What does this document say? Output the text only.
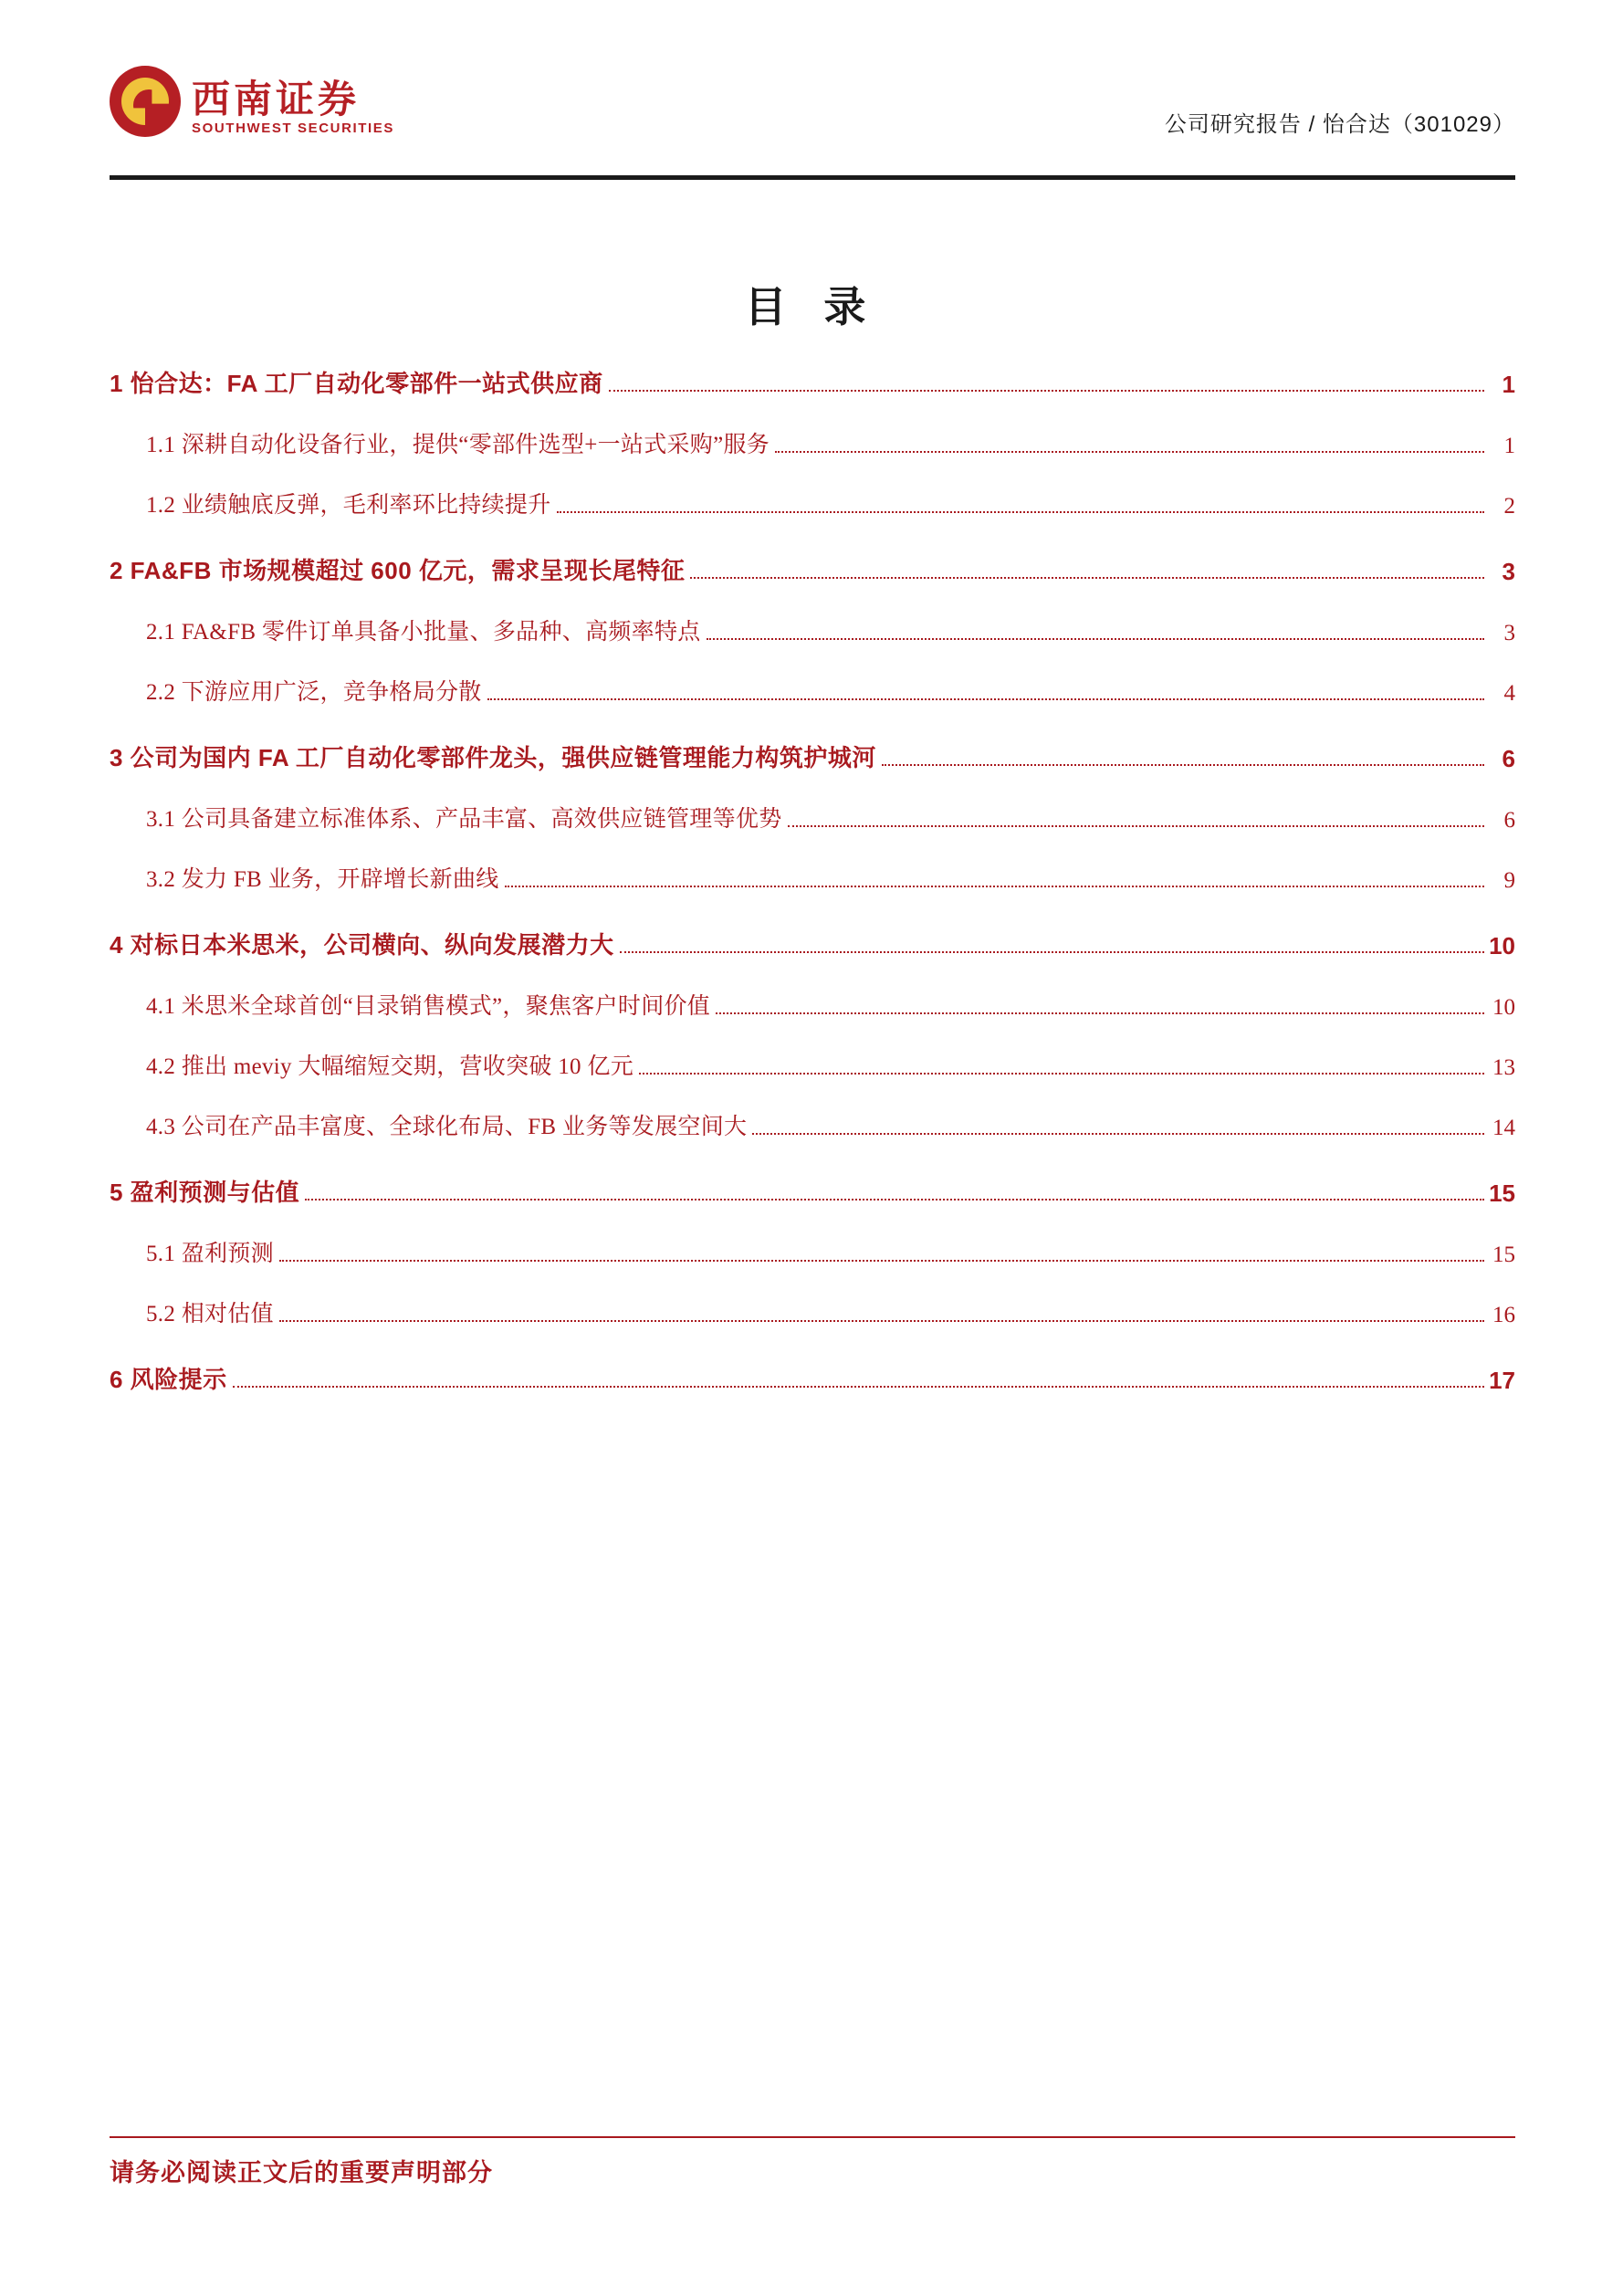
西南证券
SOUTHWEST SECURITIES	公司研究报告 / 怡合达（301029）
目 录
1 怡合达：FA 工厂自动化零部件一站式供应商	1
1.1 深耕自动化设备行业，提供“零部件选型+一站式采购”服务	1
1.2 业绩触底反弹，毛利率环比持续提升	2
2 FA&FB 市场规模超过 600 亿元，需求呈现长尾特征	3
2.1 FA&FB 零件订单具备小批量、多品种、高频率特点	3
2.2 下游应用广泛，竞争格局分散	4
3 公司为国内 FA 工厂自动化零部件龙头，强供应链管理能力构筑护城河	6
3.1 公司具备建立标准体系、产品丰富、高效供应链管理等优势	6
3.2 发力 FB 业务，开辟增长新曲线	9
4 对标日本米思米，公司横向、纵向发展潜力大	10
4.1 米思米全球首创“目录销售模式”，聚焦客户时间价值	10
4.2 推出 meviy 大幅缩短交期，营收突破 10 亿元	13
4.3 公司在产品丰富度、全球化布局、FB 业务等发展空间大	14
5 盈利预测与估值	15
5.1 盈利预测	15
5.2 相对估值	16
6 风险提示	17
请务必阅读正文后的重要声明部分
